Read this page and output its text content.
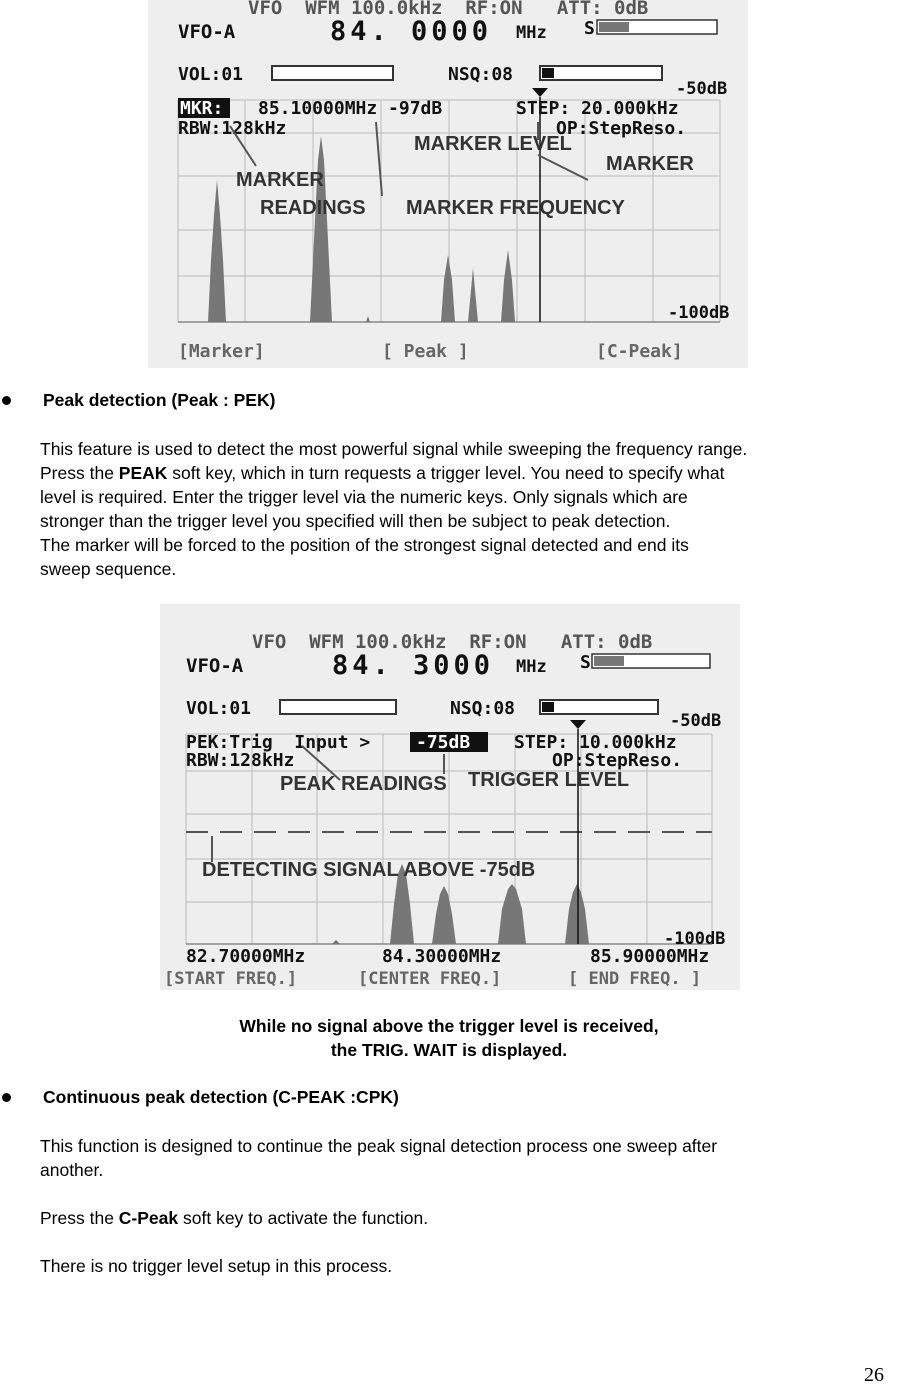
VFO  WFM 100.0kHz  RF:ON   ATT: 0dB
VFO-A	84. 0000 MHz S
VOL:01	NSQ:08
-50dB
-100dB
MKR: 85.10000MHz -97dB	STEP: 20.000kHz
RBW:128kHz	OP:StepReso.
MARKER
READINGS
MARKER LEVEL
MARKER
MARKER FREQUENCY
[Marker]	[ Peak ]	[C-Peak]
Peak detection (Peak : PEK)
This feature is used to detect the most powerful signal while sweeping the frequency range.
Press the PEAK soft key, which in turn requests a trigger level. You need to specify what
level is required. Enter the trigger level via the numeric keys. Only signals which are
stronger than the trigger level you specified will then be subject to peak detection.
The marker will be forced to the position of the strongest signal detected and end its
sweep sequence.
VFO  WFM 100.0kHz  RF:ON   ATT: 0dB
VFO-A	84. 3000 MHz S
VOL:01	NSQ:08
-50dB
-100dB
PEK:Trig  Input >	-75dB STEP: 10.000kHz
RBW:128kHz	OP:StepReso.
PEAK READINGS TRIGGER LEVEL
DETECTING SIGNAL ABOVE -75dB
82.70000MHz	84.30000MHz	85.90000MHz
[START FREQ.]	[CENTER FREQ.]	[ END FREQ. ]
While no signal above the trigger level is received,
the TRIG. WAIT is displayed.
Continuous peak detection (C-PEAK :CPK)
This function is designed to continue the peak signal detection process one sweep after
another.
Press the C-Peak soft key to activate the function.
There is no trigger level setup in this process.
26
